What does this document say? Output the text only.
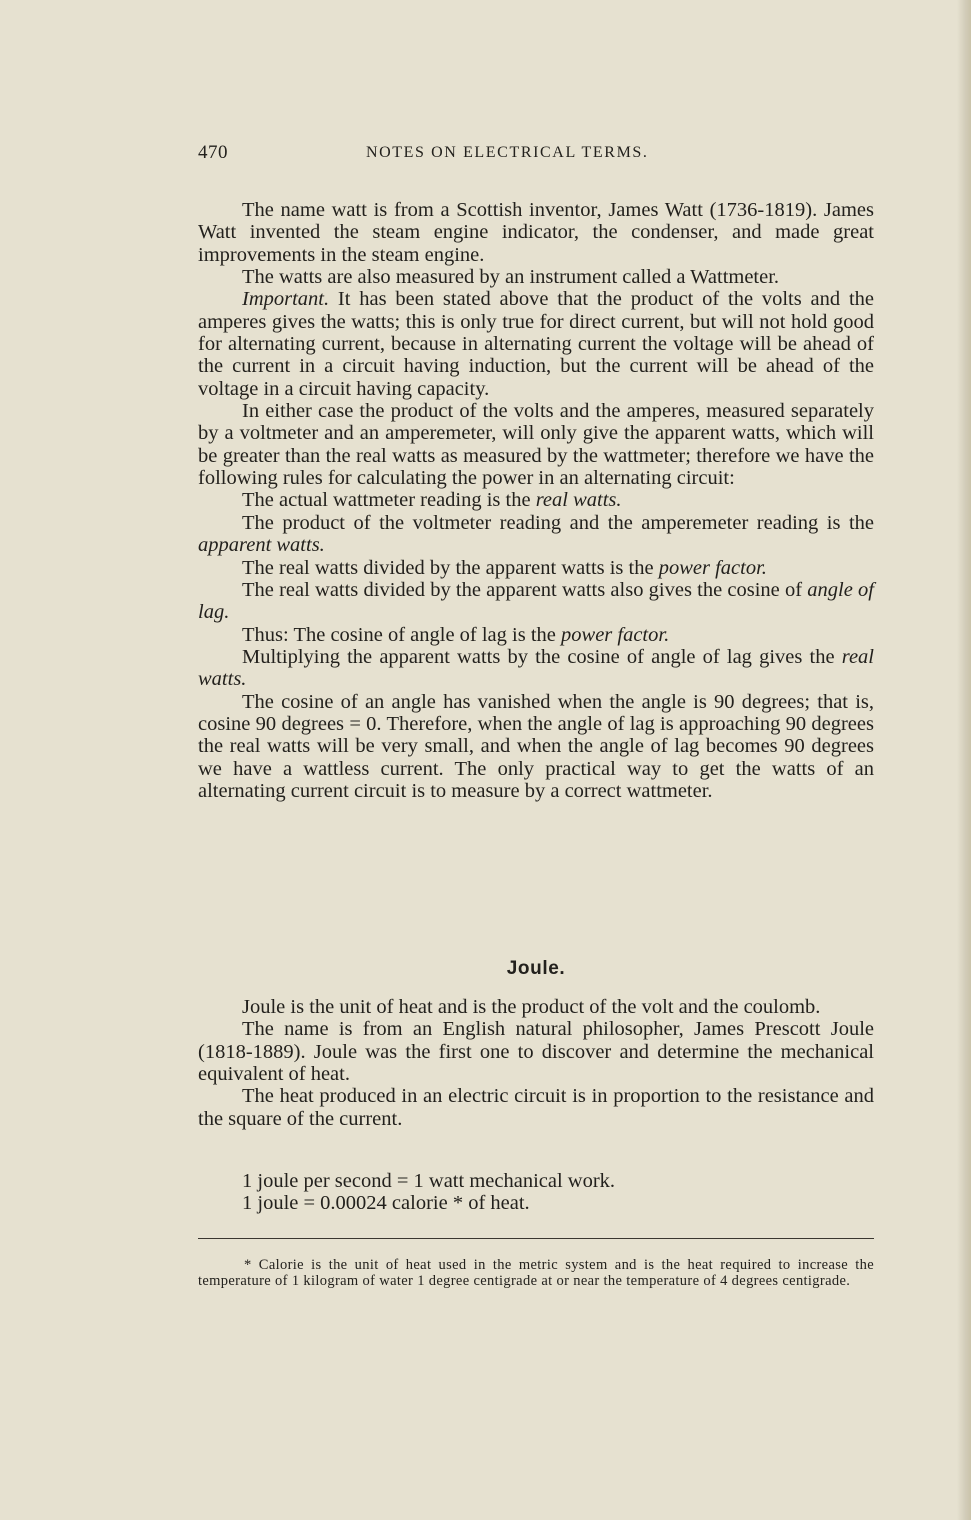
470	NOTES ON ELECTRICAL TERMS.

The name watt is from a Scottish inventor, James Watt (1736-1819). James Watt invented the steam engine indicator, the condenser, and made great improvements in the steam engine.

The watts are also measured by an instrument called a Wattmeter.

Important. It has been stated above that the product of the volts and the amperes gives the watts; this is only true for direct current, but will not hold good for alternating current, because in alternating current the voltage will be ahead of the current in a circuit having induction, but the current will be ahead of the voltage in a circuit having capacity.

In either case the product of the volts and the amperes, measured separately by a voltmeter and an amperemeter, will only give the apparent watts, which will be greater than the real watts as measured by the wattmeter; therefore we have the following rules for calculating the power in an alternating circuit:

The actual wattmeter reading is the real watts.

The product of the voltmeter reading and the amperemeter reading is the apparent watts.

The real watts divided by the apparent watts is the power factor.

The real watts divided by the apparent watts also gives the cosine of angle of lag.

Thus: The cosine of angle of lag is the power factor.

Multiplying the apparent watts by the cosine of angle of lag gives the real watts.

The cosine of an angle has vanished when the angle is 90 degrees; that is, cosine 90 degrees = 0. Therefore, when the angle of lag is approaching 90 degrees the real watts will be very small, and when the angle of lag becomes 90 degrees we have a wattless current. The only practical way to get the watts of an alternating current circuit is to measure by a correct wattmeter.

Joule.

Joule is the unit of heat and is the product of the volt and the coulomb.

The name is from an English natural philosopher, James Prescott Joule (1818-1889). Joule was the first one to discover and determine the mechanical equivalent of heat.

The heat produced in an electric circuit is in proportion to the resistance and the square of the current.

1 joule per second = 1 watt mechanical work.
1 joule = 0.00024 calorie * of heat.

* Calorie is the unit of heat used in the metric system and is the heat required to increase the temperature of 1 kilogram of water 1 degree centigrade at or near the temperature of 4 degrees centigrade.
